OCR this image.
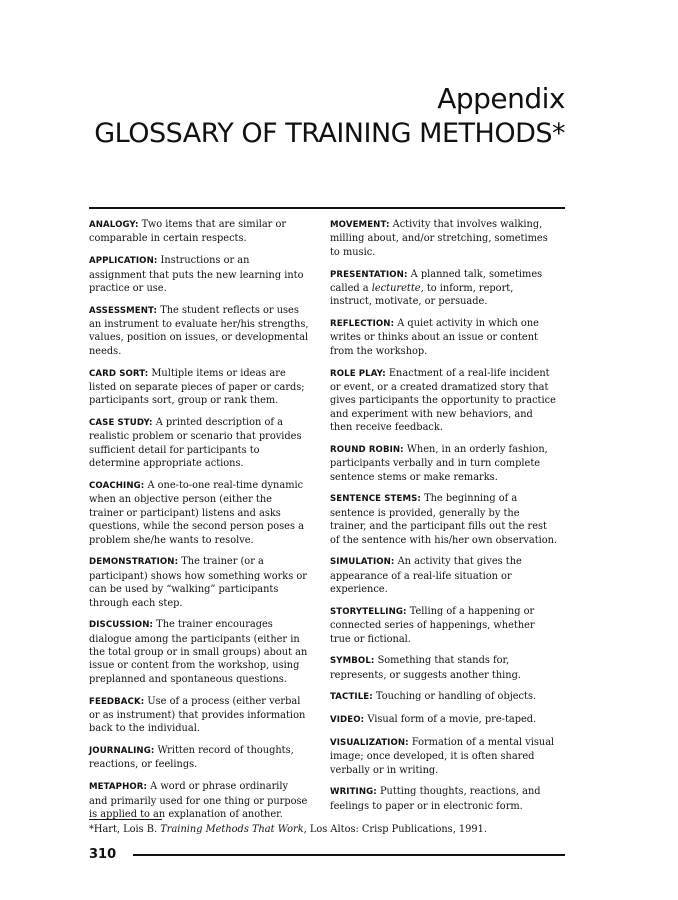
Appendix
GLOSSARY OF TRAINING METHODS*

ANALOGY: Two items that are similar or comparable in certain respects.

APPLICATION: Instructions or an assignment that puts the new learning into practice or use.

ASSESSMENT: The student reflects or uses an instrument to evaluate her/his strengths, values, position on issues, or developmental needs.

CARD SORT: Multiple items or ideas are listed on separate pieces of paper or cards; participants sort, group or rank them.

CASE STUDY: A printed description of a realistic problem or scenario that provides sufficient detail for participants to determine appropriate actions.

COACHING: A one-to-one real-time dynamic when an objective person (either the trainer or participant) listens and asks questions, while the second person poses a problem she/he wants to resolve.

DEMONSTRATION: The trainer (or a participant) shows how something works or can be used by “walking” participants through each step.

DISCUSSION: The trainer encourages dialogue among the participants (either in the total group or in small groups) about an issue or content from the workshop, using preplanned and spontaneous questions.

FEEDBACK: Use of a process (either verbal or as instrument) that provides information back to the individual.

JOURNALING: Written record of thoughts, reactions, or feelings.

METAPHOR: A word or phrase ordinarily and primarily used for one thing or purpose is applied to an explanation of another.

MOVEMENT: Activity that involves walking, milling about, and/or stretching, sometimes to music.

PRESENTATION: A planned talk, sometimes called a lecturette, to inform, report, instruct, motivate, or persuade.

REFLECTION: A quiet activity in which one writes or thinks about an issue or content from the workshop.

ROLE PLAY: Enactment of a real-life incident or event, or a created dramatized story that gives participants the opportunity to practice and experiment with new behaviors, and then receive feedback.

ROUND ROBIN: When, in an orderly fashion, participants verbally and in turn complete sentence stems or make remarks.

SENTENCE STEMS: The beginning of a sentence is provided, generally by the trainer, and the participant fills out the rest of the sentence with his/her own observation.

SIMULATION: An activity that gives the appearance of a real-life situation or experience.

STORYTELLING: Telling of a happening or connected series of happenings, whether true or fictional.

SYMBOL: Something that stands for, represents, or suggests another thing.

TACTILE: Touching or handling of objects.

VIDEO: Visual form of a movie, pre-taped.

VISUALIZATION: Formation of a mental visual image; once developed, it is often shared verbally or in writing.

WRITING: Putting thoughts, reactions, and feelings to paper or in electronic form.

*Hart, Lois B. Training Methods That Work, Los Altos: Crisp Publications, 1991.
310
